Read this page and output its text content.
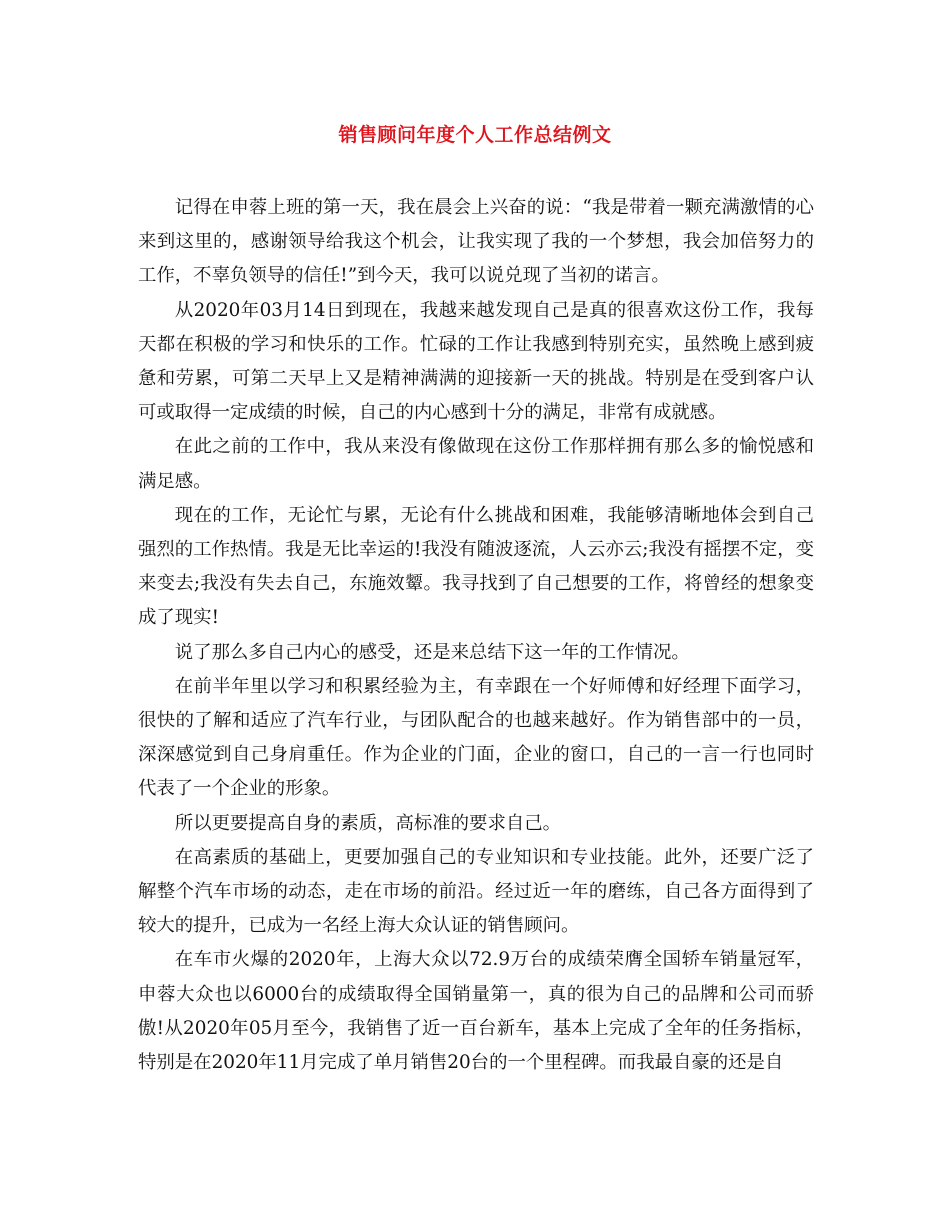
销售顾问年度个人工作总结例文

记得在申蓉上班的第一天，我在晨会上兴奋的说：“我是带着一颗充满激情的心来到这里的，感谢领导给我这个机会，让我实现了我的一个梦想，我会加倍努力的工作，不辜负领导的信任!”到今天，我可以说兑现了当初的诺言。

从2020年03月14日到现在，我越来越发现自己是真的很喜欢这份工作，我每天都在积极的学习和快乐的工作。忙碌的工作让我感到特别充实，虽然晚上感到疲惫和劳累，可第二天早上又是精神满满的迎接新一天的挑战。特别是在受到客户认可或取得一定成绩的时候，自己的内心感到十分的满足，非常有成就感。

在此之前的工作中，我从来没有像做现在这份工作那样拥有那么多的愉悦感和满足感。

现在的工作，无论忙与累，无论有什么挑战和困难，我能够清晰地体会到自己强烈的工作热情。我是无比幸运的!我没有随波逐流，人云亦云;我没有摇摆不定，变来变去;我没有失去自己，东施效颦。我寻找到了自己想要的工作，将曾经的想象变成了现实!

说了那么多自己内心的感受，还是来总结下这一年的工作情况。

在前半年里以学习和积累经验为主，有幸跟在一个好师傅和好经理下面学习，很快的了解和适应了汽车行业，与团队配合的也越来越好。作为销售部中的一员，深深感觉到自己身肩重任。作为企业的门面，企业的窗口，自己的一言一行也同时代表了一个企业的形象。

所以更要提高自身的素质，高标准的要求自己。

在高素质的基础上，更要加强自己的专业知识和专业技能。此外，还要广泛了解整个汽车市场的动态，走在市场的前沿。经过近一年的磨练，自己各方面得到了较大的提升，已成为一名经上海大众认证的销售顾问。

在车市火爆的2020年，上海大众以72.9万台的成绩荣膺全国轿车销量冠军，申蓉大众也以6000台的成绩取得全国销量第一，真的很为自己的品牌和公司而骄傲!从2020年05月至今，我销售了近一百台新车，基本上完成了全年的任务指标，特别是在2020年11月完成了单月销售20台的一个里程碑。而我最自豪的还是自
